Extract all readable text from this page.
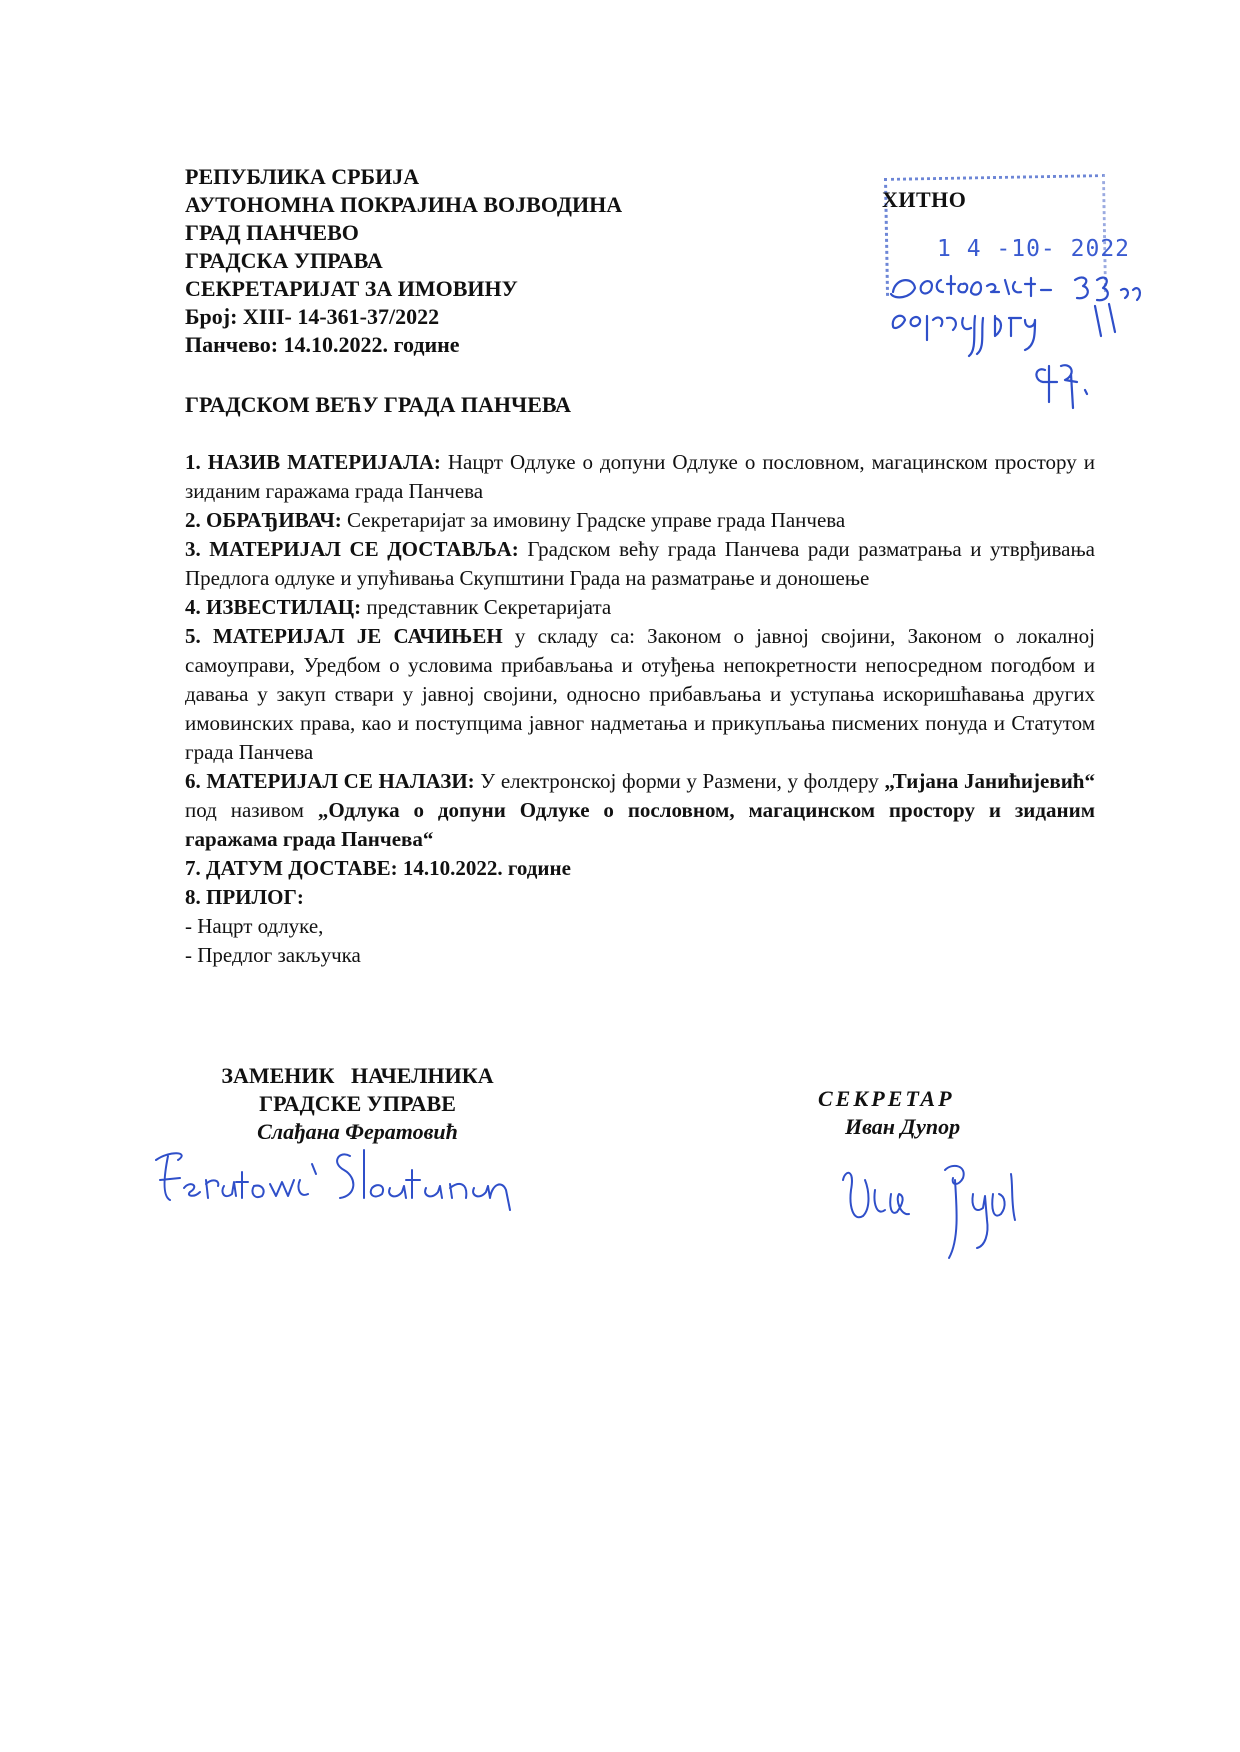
РЕПУБЛИКА СРБИЈА
АУТОНОМНА ПОКРАЈИНА ВОЈВОДИНА
ГРАД ПАНЧЕВО
ГРАДСКА УПРАВА
СЕКРЕТАРИЈАТ ЗА ИМОВИНУ
Број: XIII- 14-361-37/2022
Панчево: 14.10.2022. године
ХИТНО
1 4 -10- 2022
ГРАДСКОМ ВЕЋУ ГРАДА ПАНЧЕВА
1. НАЗИВ МАТЕРИЈАЛА: Нацрт Одлуке о допуни Одлуке о пословном, магацинском простору и зиданим гаражама града Панчева
2. ОБРАЂИВАЧ: Секретаријат за имовину Градске управе града Панчева
3. МАТЕРИЈАЛ СЕ ДОСТАВЉА: Градском већу града Панчева ради разматрања и утврђивања Предлога одлуке и упућивања Скупштини Града на разматрање и доношење
4. ИЗВЕСТИЛАЦ: представник Секретаријата
5. МАТЕРИЈАЛ ЈЕ САЧИЊЕН у складу са: Законом о јавној својини, Законом о локалној самоуправи, Уредбом о условима прибављања и отуђења непокретности непосредном погодбом и давања у закуп ствари у јавној својини, односно прибављања и уступања искоришћавања других имовинских права, као и поступцима јавног надметања и прикупљања писмених понуда и Статутом града Панчева
6. МАТЕРИЈАЛ СЕ НАЛАЗИ: У електронској форми у Размени, у фолдеру „Тијана Јанићијевић“ под називом „Одлука о допуни Одлуке о пословном, магацинском простору и зиданим гаражама града Панчева“
7. ДАТУМ ДОСТАВЕ: 14.10.2022. године
8. ПРИЛОГ:
- Нацрт одлуке,
- Предлог закључка
ЗАМЕНИК   НАЧЕЛНИКА
ГРАДСКЕ УПРАВЕ
Слађана Фератовић
СЕКРЕТАР
Иван Дупор
